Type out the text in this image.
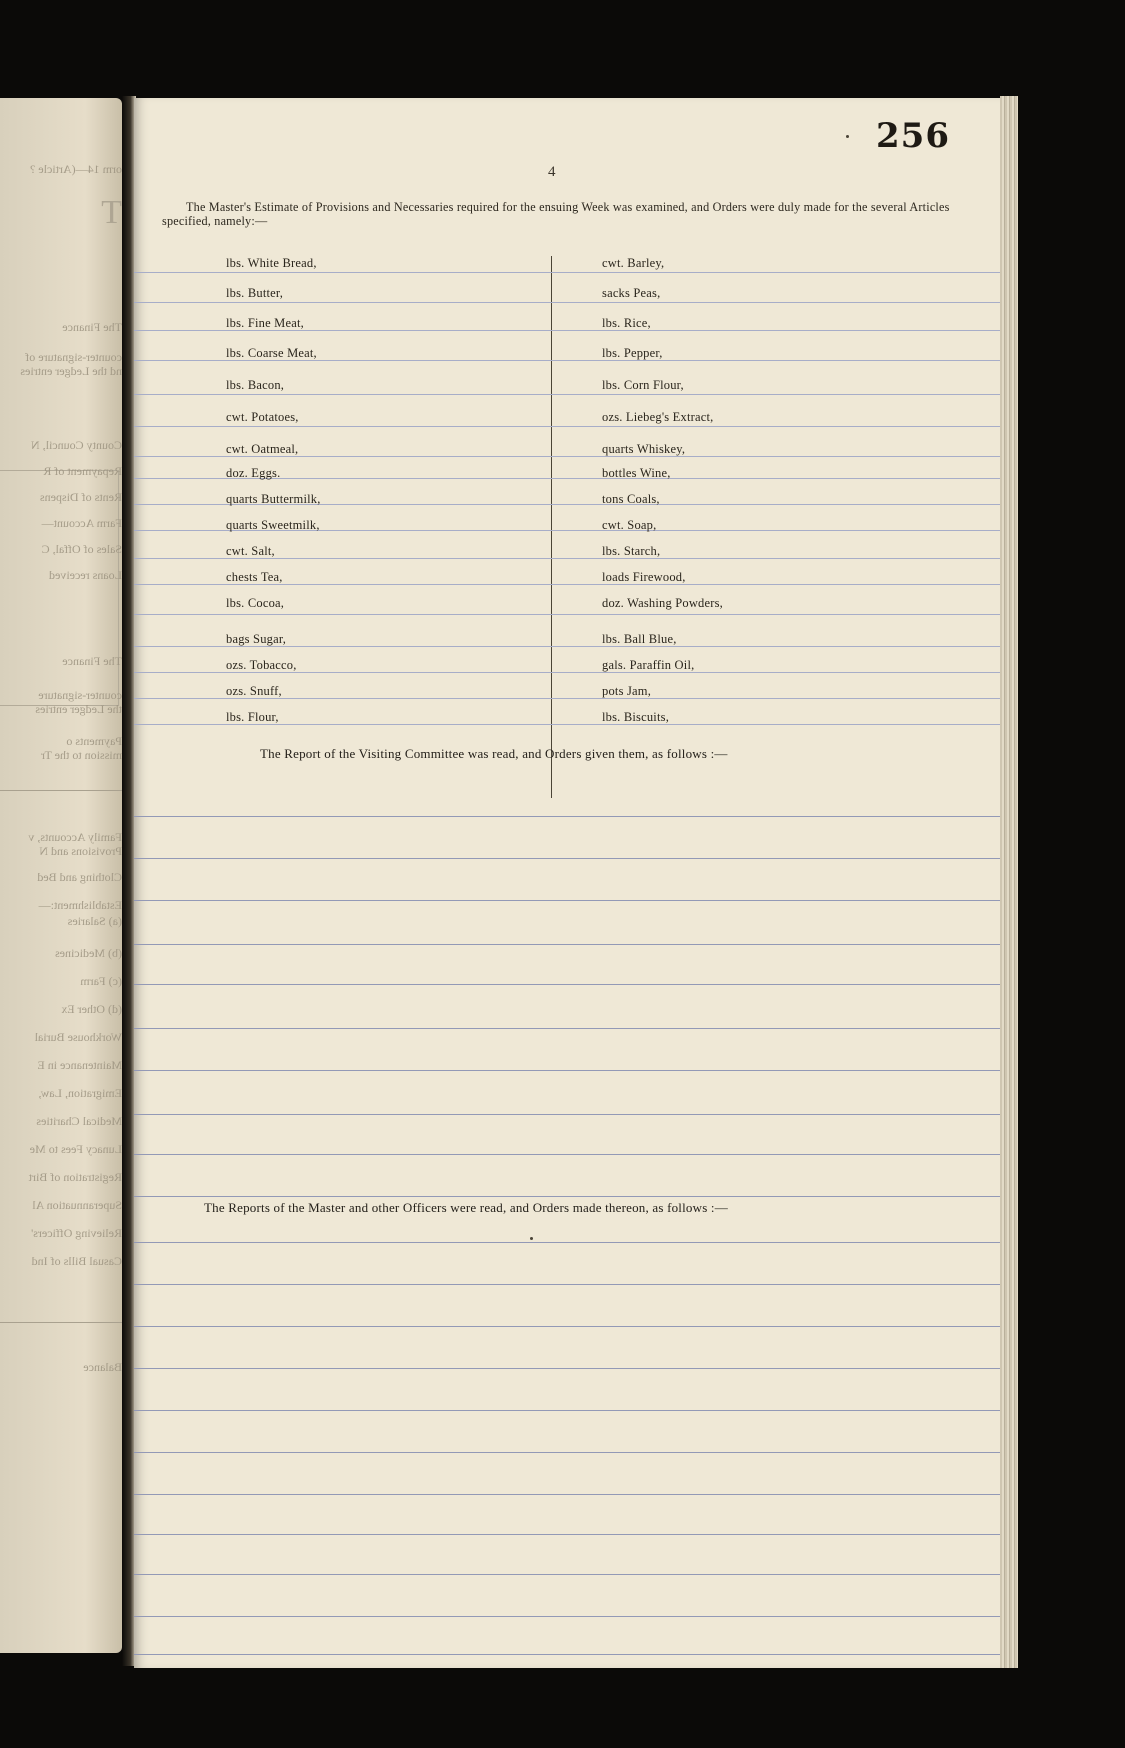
orm 14—(Article ?
T
The Finance
counter-signature of
nd the Ledger entries
County Council, N
Repayment of R
Rents of Dispens
Farm Account—
Sales of Offal, C
Loans received
The Finance
counter-signature
the Ledger entries
Payments o
mission to the Tr
Family Accounts, v
Provisions and N
Clothing and Bed
Establishment:—
(a) Salaries
(b) Medicines
(c) Farm
(d) Other Ex
Workhouse Burial
Maintenance in E
Emigration, Law,
Medical Charities
Lunacy Fees to Me
Registration of Birt
Superannuation Al
Relieving Officers'
Casual Bills of Ind
Balance
256
4
The Master's Estimate of Provisions and Necessaries required for the ensuing Week was examined, and Orders were duly made for the several Articles specified, namely:—
lbs. White Bread,
lbs. Butter,
lbs. Fine Meat,
lbs. Coarse Meat,
lbs. Bacon,
cwt. Potatoes,
cwt. Oatmeal,
doz. Eggs.
quarts Buttermilk,
quarts Sweetmilk,
cwt. Salt,
chests Tea,
lbs. Cocoa,
bags Sugar,
ozs. Tobacco,
ozs. Snuff,
lbs. Flour,
cwt. Barley,
sacks Peas,
lbs. Rice,
lbs. Pepper,
lbs. Corn Flour,
ozs. Liebeg's Extract,
quarts Whiskey,
bottles Wine,
tons Coals,
cwt. Soap,
lbs. Starch,
loads Firewood,
doz. Washing Powders,
lbs. Ball Blue,
gals. Paraffin Oil,
pots Jam,
lbs. Biscuits,
The Report of the Visiting Committee was read, and Orders given them, as follows :—
The Reports of the Master and other Officers were read, and Orders made thereon, as follows :—
